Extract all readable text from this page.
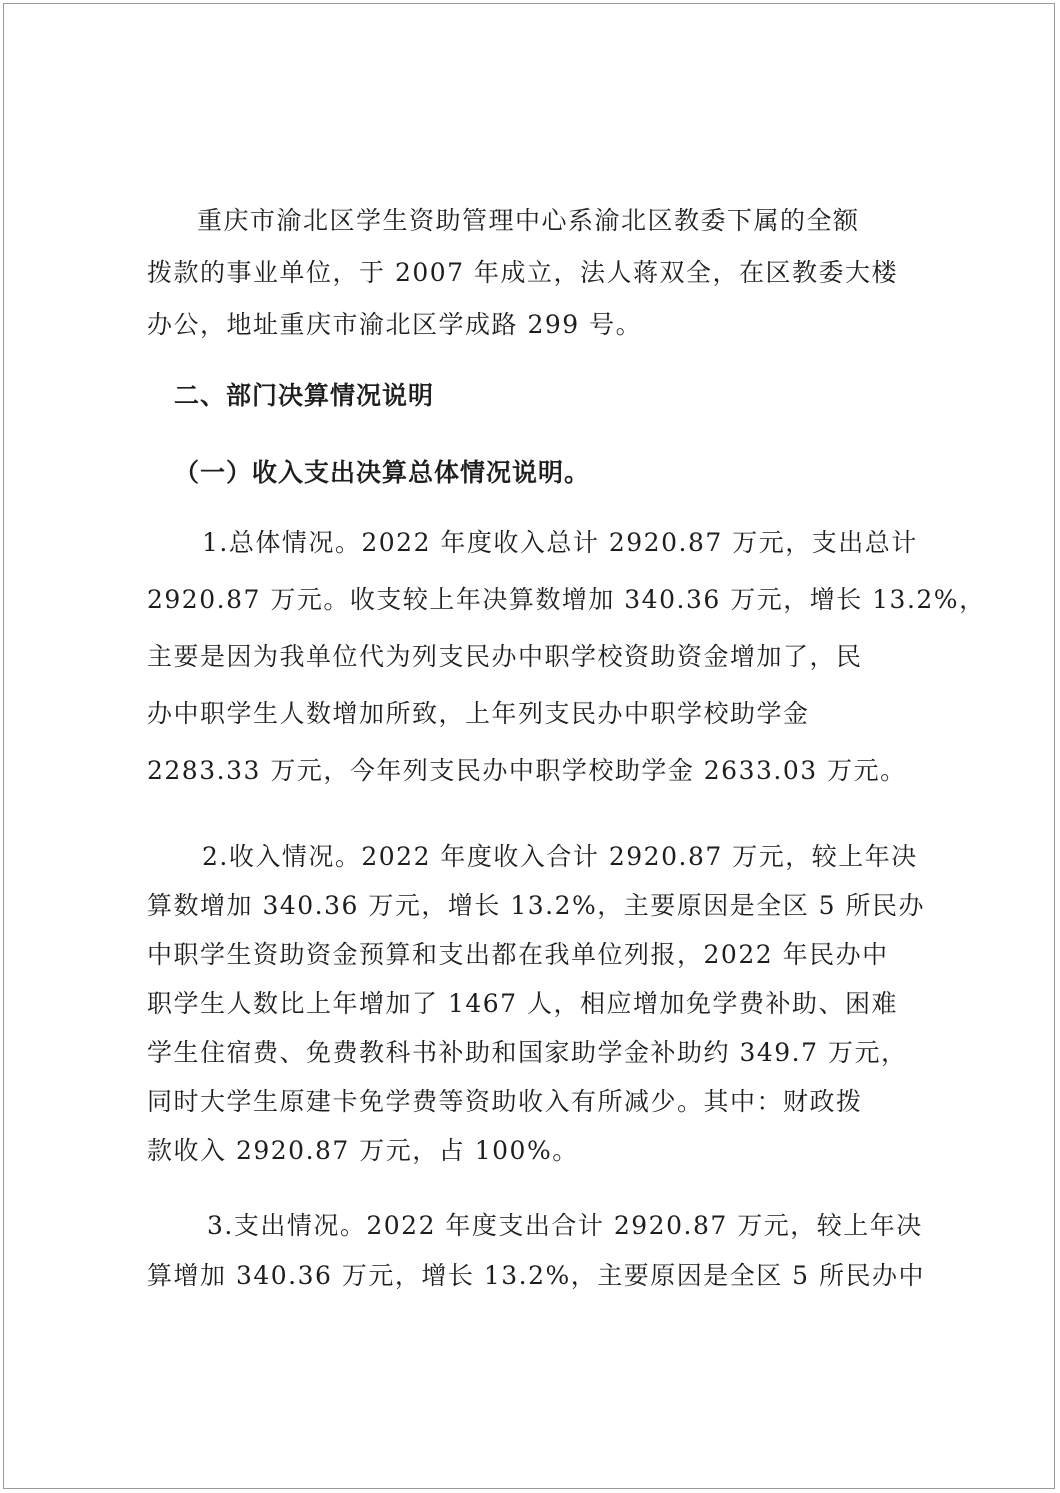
重庆市渝北区学生资助管理中心系渝北区教委下属的全额
拨款的事业单位，于 2007 年成立，法人蒋双全，在区教委大楼
办公，地址重庆市渝北区学成路 299 号。
二、部门决算情况说明
（一）收入支出决算总体情况说明。
1.总体情况。2022 年度收入总计 2920.87 万元，支出总计
2920.87 万元。收支较上年决算数增加 340.36 万元，增长 13.2%，
主要是因为我单位代为列支民办中职学校资助资金增加了，民
办中职学生人数增加所致，上年列支民办中职学校助学金
2283.33 万元，今年列支民办中职学校助学金 2633.03 万元。
2.收入情况。2022 年度收入合计 2920.87 万元，较上年决
算数增加 340.36 万元，增长 13.2%，主要原因是全区 5 所民办
中职学生资助资金预算和支出都在我单位列报，2022 年民办中
职学生人数比上年增加了 1467 人，相应增加免学费补助、困难
学生住宿费、免费教科书补助和国家助学金补助约 349.7 万元，
同时大学生原建卡免学费等资助收入有所减少。其中：财政拨
款收入 2920.87 万元，占 100%。
3.支出情况。2022 年度支出合计 2920.87 万元，较上年决
算增加 340.36 万元，增长 13.2%，主要原因是全区 5 所民办中
